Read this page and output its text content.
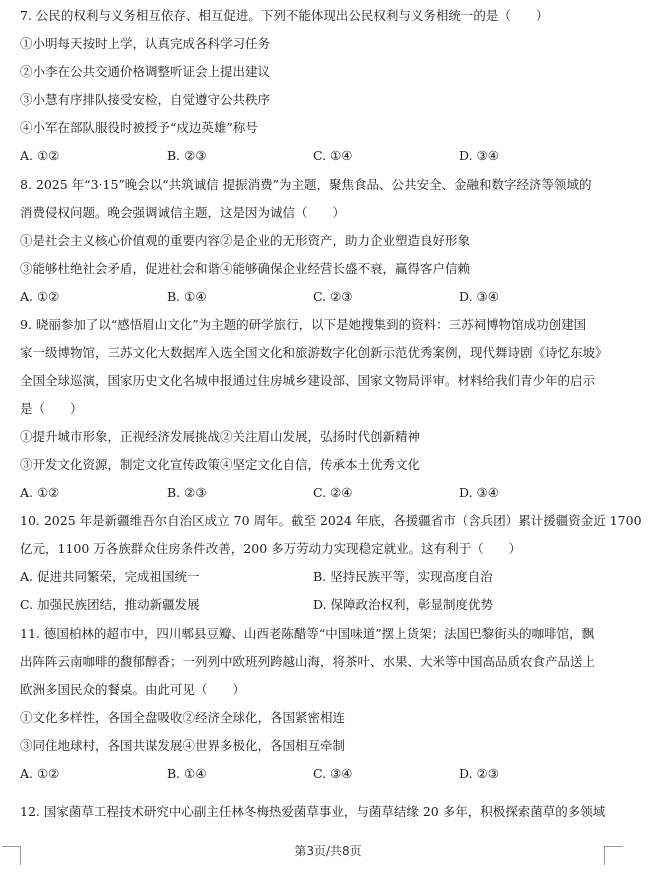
7. 公民的权利与义务相互依存、相互促进。下列不能体现出公民权利与义务相统一的是（　　）
①小明每天按时上学，认真完成各科学习任务
②小李在公共交通价格调整听证会上提出建议
③小慧有序排队接受安检，自觉遵守公共秩序
④小军在部队服役时被授予“戍边英雄”称号
A. ①②	B. ②③	C. ①④	D. ③④
8. 2025 年“3·15”晚会以“共筑诚信 提振消费”为主题，聚焦食品、公共安全、金融和数字经济等领域的
消费侵权问题。晚会强调诚信主题，这是因为诚信（　　）
①是社会主义核心价值观的重要内容②是企业的无形资产，助力企业塑造良好形象
③能够杜绝社会矛盾，促进社会和谐④能够确保企业经营长盛不衰，赢得客户信赖
A. ①②	B. ①④	C. ②③	D. ③④
9. 晓丽参加了以“感悟眉山文化”为主题的研学旅行，以下是她搜集到的资料：三苏祠博物馆成功创建国
家一级博物馆，三苏文化大数据库入选全国文化和旅游数字化创新示范优秀案例，现代舞诗剧《诗忆东坡》
全国全球巡演，国家历史文化名城申报通过住房城乡建设部、国家文物局评审。材料给我们青少年的启示
是（　　）
①提升城市形象，正视经济发展挑战②关注眉山发展，弘扬时代创新精神
③开发文化资源，制定文化宣传政策④坚定文化自信，传承本土优秀文化
A. ①②	B. ②③	C. ②④	D. ③④
10. 2025 年是新疆维吾尔自治区成立 70 周年。截至 2024 年底，各援疆省市（含兵团）累计援疆资金近 1700
亿元，1100 万各族群众住房条件改善，200 多万劳动力实现稳定就业。这有利于（　　）
A. 促进共同繁荣，完成祖国统一	B. 坚持民族平等，实现高度自治
C. 加强民族团结，推动新疆发展	D. 保障政治权利，彰显制度优势
11. 德国柏林的超市中，四川郫县豆瓣、山西老陈醋等“中国味道”摆上货架；法国巴黎街头的咖啡馆，飘
出阵阵云南咖啡的馥郁醇香；一列列中欧班列跨越山海，将茶叶、水果、大米等中国高品质农食产品送上
欧洲多国民众的餐桌。由此可见（　　）
①文化多样性，各国全盘吸收②经济全球化，各国紧密相连
③同住地球村，各国共谋发展④世界多极化，各国相互牵制
A. ①②	B. ①④	C. ③④	D. ②③
12. 国家菌草工程技术研究中心副主任林冬梅热爱菌草事业，与菌草结缘 20 多年，积极探索菌草的多领域
第3页/共8页
